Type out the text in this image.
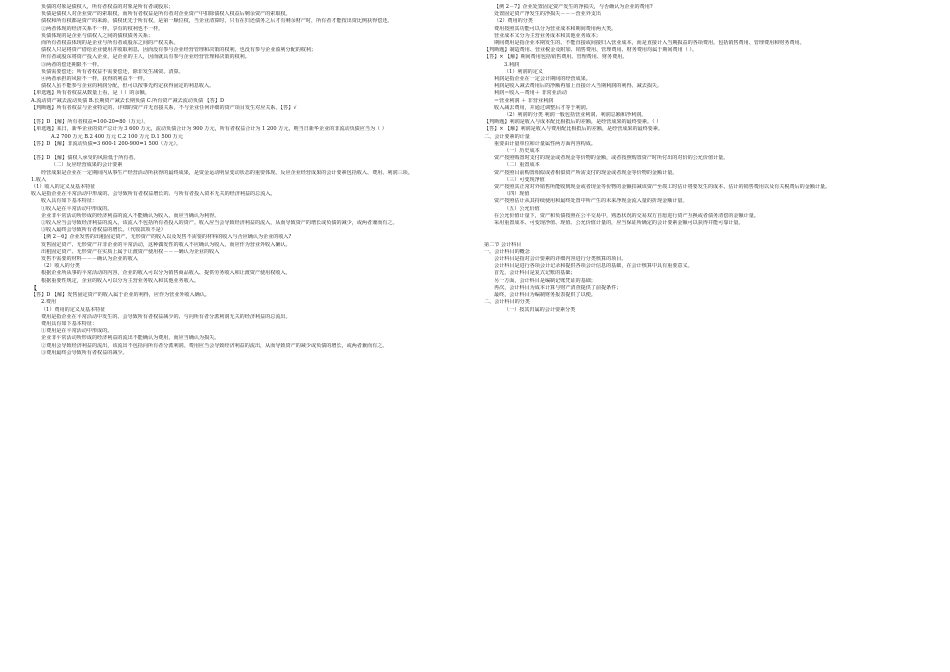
负债的对象是债权人，所有者权益的对象是所有者或股东；
负债是债权人对企业资产的索取权，而所有者权益是所有者对企业资产中扣除债权人权益后剩余资产的索取权。
债权和所有权都是资产的来源，债权优先于所有权，是第一顺位权，当企业清算时，只有在归还债务之后才有剩余财产时，所有者才能按出资比例获得偿还。
②两者体现的经济关系不一样，享有的权利也不一样。
负债体现的是企业与债权人之间的债权债务关系；
而所有者权益体现的是企业与所有者或股东之间的产权关系。
债权人只是将资产借给企业使用并收取利息，因而没有参与企业经营管理和决策的权利，也没有参与企业盈利分配的权利；
所有者或股东将资产投入企业，是企业的主人，因而就具有参与企业经营管理和决策的权利。
③两者的偿还期限不一样。
负债需要偿还；所有者权益不需要偿还，除非发生减资、清算。
④两者承担的风险不一样，获得的利益不一样。
债权人虽不能参与企业的利润分配，但可以按事先约定获得固定的利息收入。
【单选题】所有者权益从数量上看，是（ ）的余额。
A.流动资产减去流动负债 B.长期资产减去长期负债 C.所有资产减去流动负债 【答】D
【判断题】所有者权益与企业特定的、详细的资产并无直接关系，不与企业任何详细的资产项目发生对应关系。【答】√
【答】D 【解】所有者权益=100-20=80（万元）。
【单选题】某日，新华企业的资产总计为 3 600 万元，流动负债合计为 900 万元，所有者权益合计为 1 200 万元，则当日新华企业的非流动负债应当为（ ）
A.2 700 万元 B.2 400 万元 C.2 100 万元 D.1 500 万元
【答】D 【解】非流动负债=3 600-1 200-900=1 500（万元）。
【答】D 【解】债权人承受的风险低于所有者。
（二）反应经营成果的会计要素
经营成果是企业在一定期间内从事生产经营活动所获得的最终成果，是资金运动明显变动状态的重要体现。反应企业经营成果的会计要素包括收入、费用、利润三项。
1.收入
（1）收入的定义及基本特征
收入是指企业在平常活动中形成的、会导致所有者权益增长的、与所有者投入资本无关的经济利益的总流入。
收入具有如下基本特征：
①收入是在平常活动中形成的。
企业非平常活动所形成的经济利益的流入不能确认为收入，而应当确认为利得。
②收入应当会导致经济利益的流入，该流入不包括所有者投入的资产。收入应当会导致经济利益的流入，从而导致资产的增长或负债的减少，或两者兼而有之。
③收入最终会导致所有者权益的增长。（代收款项不是）
【例 2－6】企业发售的出租固定资产、无形资产的收入以及发售不需要的材料的收入与否应确认为企业的收入?
发售固定资产、无形资产并非企业的平常活动，这种偶发性的收入不应确认为收入，而应作为营业外收入确认。
出租固定资产、无形资产在实质上属于让渡资产使用权－－－确认为企业的收入
发售不需要的材料－－－确认为企业的收入
（2）收入的分类
根据企业所从事的平常活动的内容，企业的收入可以分为销售商品收入、提供劳务收入和让渡资产使用权收入。
根据重要性规定，企业的收入可以分为主营业务收入和其他业务收入。
【
【答】D 【解】发售固定资产的收入属于企业的利得，应作为营业外收入确认。
2.费用
（1）费用的定义及基本特征
费用是指企业在平常活动中发生的、会导致所有者权益减少的、与向所有者分派利润无关的经济利益的总流出。
费用具有如下基本特征：
①费用是在平常活动中形成的。
企业非平常活动所形成的经济利益的流出不能确认为费用，而应当确认为损失。
②费用会导致经济利益的流出，该流出不包括向所有者分派利润。费用应当会导致经济利益的流出，从而导致资产的减少或负债的增长，或两者兼而有之。
③费用最终会导致所有者权益的减少。
【例 2－7】企业处置固定资产发生的净损失，与否确认为企业的费用?
处置固定资产净发生的净损失－－－营业外支出
（2）费用的分类
费用按照其功能可以分为营业成本和期间费用两大类。
营业成本又分为主营业务成本和其他业务成本；
期间费用是指企业本期发生的、不能直接或间接归入营业成本，而是直接计入当期损益的各项费用。包括销售费用、管理费用和财务费用。
【判断题】制造费用、营业税金及附加、销售费用、管理费用、财务费用均属于期间费用（ ）。
【答】× 【解】期间费用包括销售费用、管理费用、财务费用。
3.利润
（1）利润的定义
利润是指企业在一定会计期间的经营成果。
利润是收入减去费用后的净额再加上直接计入当期利润的利得、减去损失。
利润＝收入－费用＋ 非常业活动
＝营业利润 ＋ 非营业利润
收入减去费用，并通过调整后才等于利润。
（2）利润的分类 利润一般包括营业利润、利润总额和净利润。
【判断题】利润是收入与成本配比相抵后的差额，是经营成果的最终要素。（ ）
【答】× 【解】利润是收入与费用配比相抵后的差额，是经营成果的最终要素。
二、会计要素的计量
重要由计量单位和计量属性两方面内容构成。
（一）历史成本
资产按照购置时支付的现金或者现金等价物的金额，或者按照购置资产时所付出的对价的公允价值计量。
（二）重置成本
资产按照目前购置相似或者相似资产所需支付的现金或者现金等价物的金额计量。
（三）可变现净值
资产按照其正常对外销售所能收到现金或者现金等价物的金额扣减该资产至竣工时估计将要发生的成本、估计的销售费用以及有关税费后的金额计量。
（四）现值
资产按照估计从其持续使用和最终处置中所产生的未来净现金流入量的折现金额计量。
（五）公允价值
在公允价值计量下，资产和负债按照在公平交易中，熟悉状况的交易双方自愿进行资产互换或者债务清偿的金额计量。
采用重置成本、可变现净值、现值、公允价值计量的，应当保证所确定的会计要素金额可以获得并能可靠计量。
第二节 会计科目
一、会计科目的概念
会计科目是指对会计要素的详细内容进行分类核算的项目。
会计科目是进行各项会计记录和提供各项会计信息的基础，在会计核算中具有重要意义。
首先，会计科目是复式记账的基础；
另一方面，会计科目是编制记账凭证的基础；
再次，会计科目为成本计算与财产清查提供了前提条件；
最终，会计科目为编制财务报表提供了以便。
二、会计科目的分类
（一）按其归属的会计要素分类
